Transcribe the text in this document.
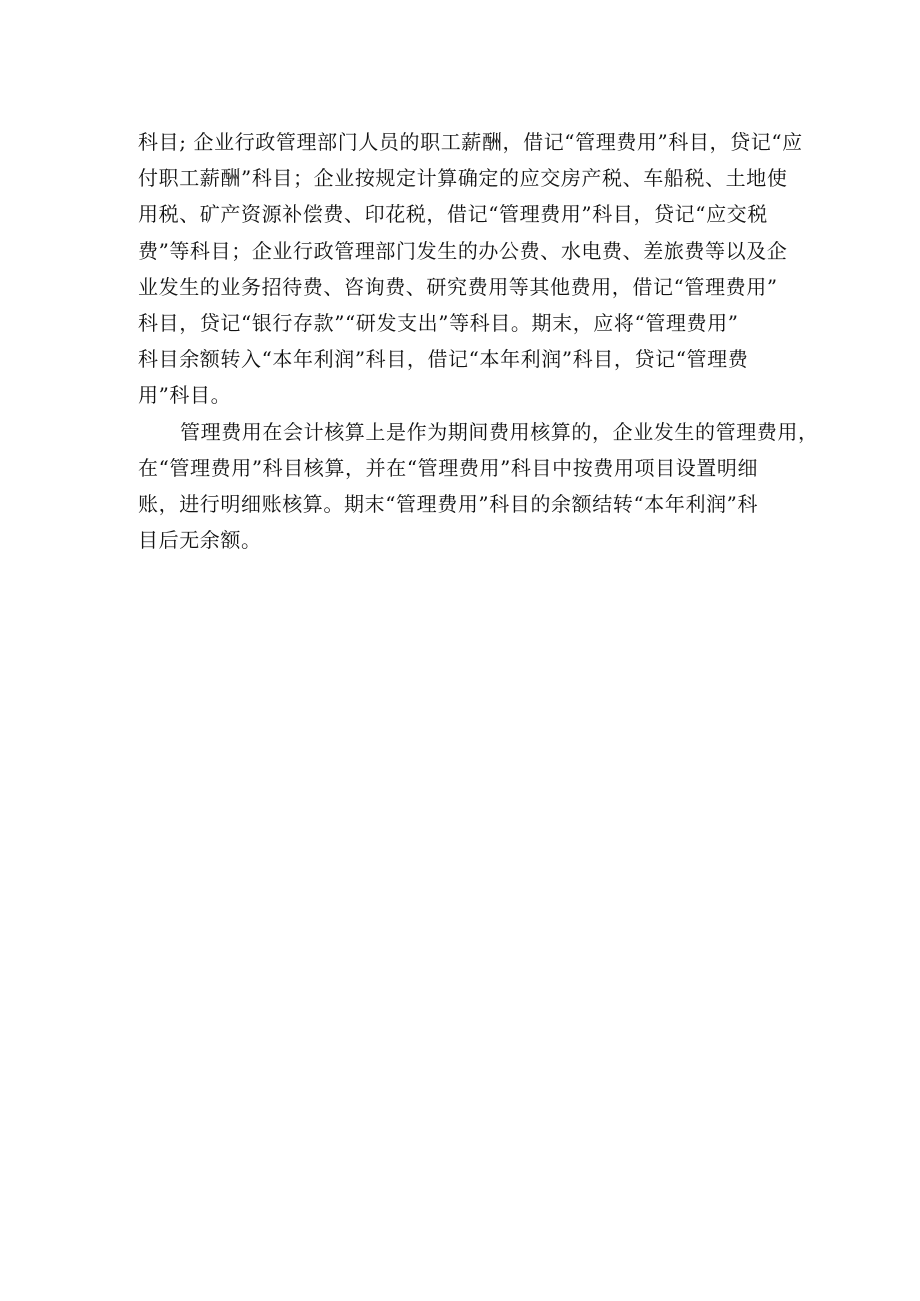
科目; 企业行政管理部门人员的职工薪酬，借记“管理费用”科目，贷记“应
付职工薪酬”科目；企业按规定计算确定的应交房产税、车船税、土地使
用税、矿产资源补偿费、印花税，借记“管理费用”科目，贷记“应交税
费”等科目；企业行政管理部门发生的办公费、水电费、差旅费等以及企
业发生的业务招待费、咨询费、研究费用等其他费用，借记“管理费用”
科目，贷记“银行存款”“研发支出”等科目。期末，应将“管理费用”
科目余额转入“本年利润”科目，借记“本年利润”科目，贷记“管理费
用”科目。
管理费用在会计核算上是作为期间费用核算的，企业发生的管理费用，
在“管理费用”科目核算，并在“管理费用”科目中按费用项目设置明细
账，进行明细账核算。期末“管理费用”科目的余额结转“本年利润”科
目后无余额。
